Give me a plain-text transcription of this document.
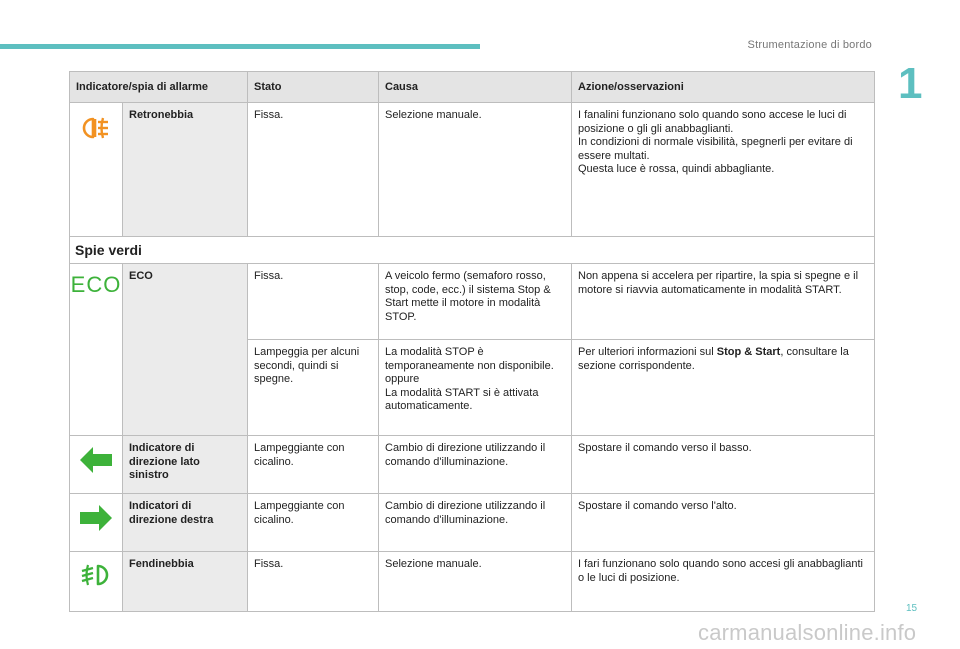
Strumentazione di bordo
1
Indicatore/spia di allarme		Stato	Causa	Azione/osservazioni

	Retronebbia	Fissa.	Selezione manuale.	I fanalini funzionano solo quando sono accese le luci di posizione o gli gli anabbaglianti.
In condizioni di normale visibilità, spegnerli per evitare di essere multati.
Questa luce è rossa, quindi abbagliante.
Spie verdi				

ECO	ECO	Fissa.	A veicolo fermo (semaforo rosso, stop, code, ecc.) il sistema Stop & Start mette il motore in modalità STOP.	Non appena si accelera per ripartire, la spia si spegne e il motore si riavvia automaticamente in modalità START.
		Lampeggia per alcuni secondi, quindi si spegne.	La modalità STOP è temporaneamente non disponibile.
oppure
La modalità START si è attivata automaticamente.	Per ulteriori informazioni sul Stop & Start, consultare la sezione corrispondente.

	Indicatore di direzione lato sinistro	Lampeggiante con cicalino.	Cambio di direzione utilizzando il comando d'illuminazione.	Spostare il comando verso il basso.

	Indicatori di direzione destra	Lampeggiante con cicalino.	Cambio di direzione utilizzando il comando d'illuminazione.	Spostare il comando verso l'alto.

	Fendinebbia	Fissa.	Selezione manuale.	I fari funzionano solo quando sono accesi gli anabbaglianti o le luci di posizione.
15
carmanualsonline.info
